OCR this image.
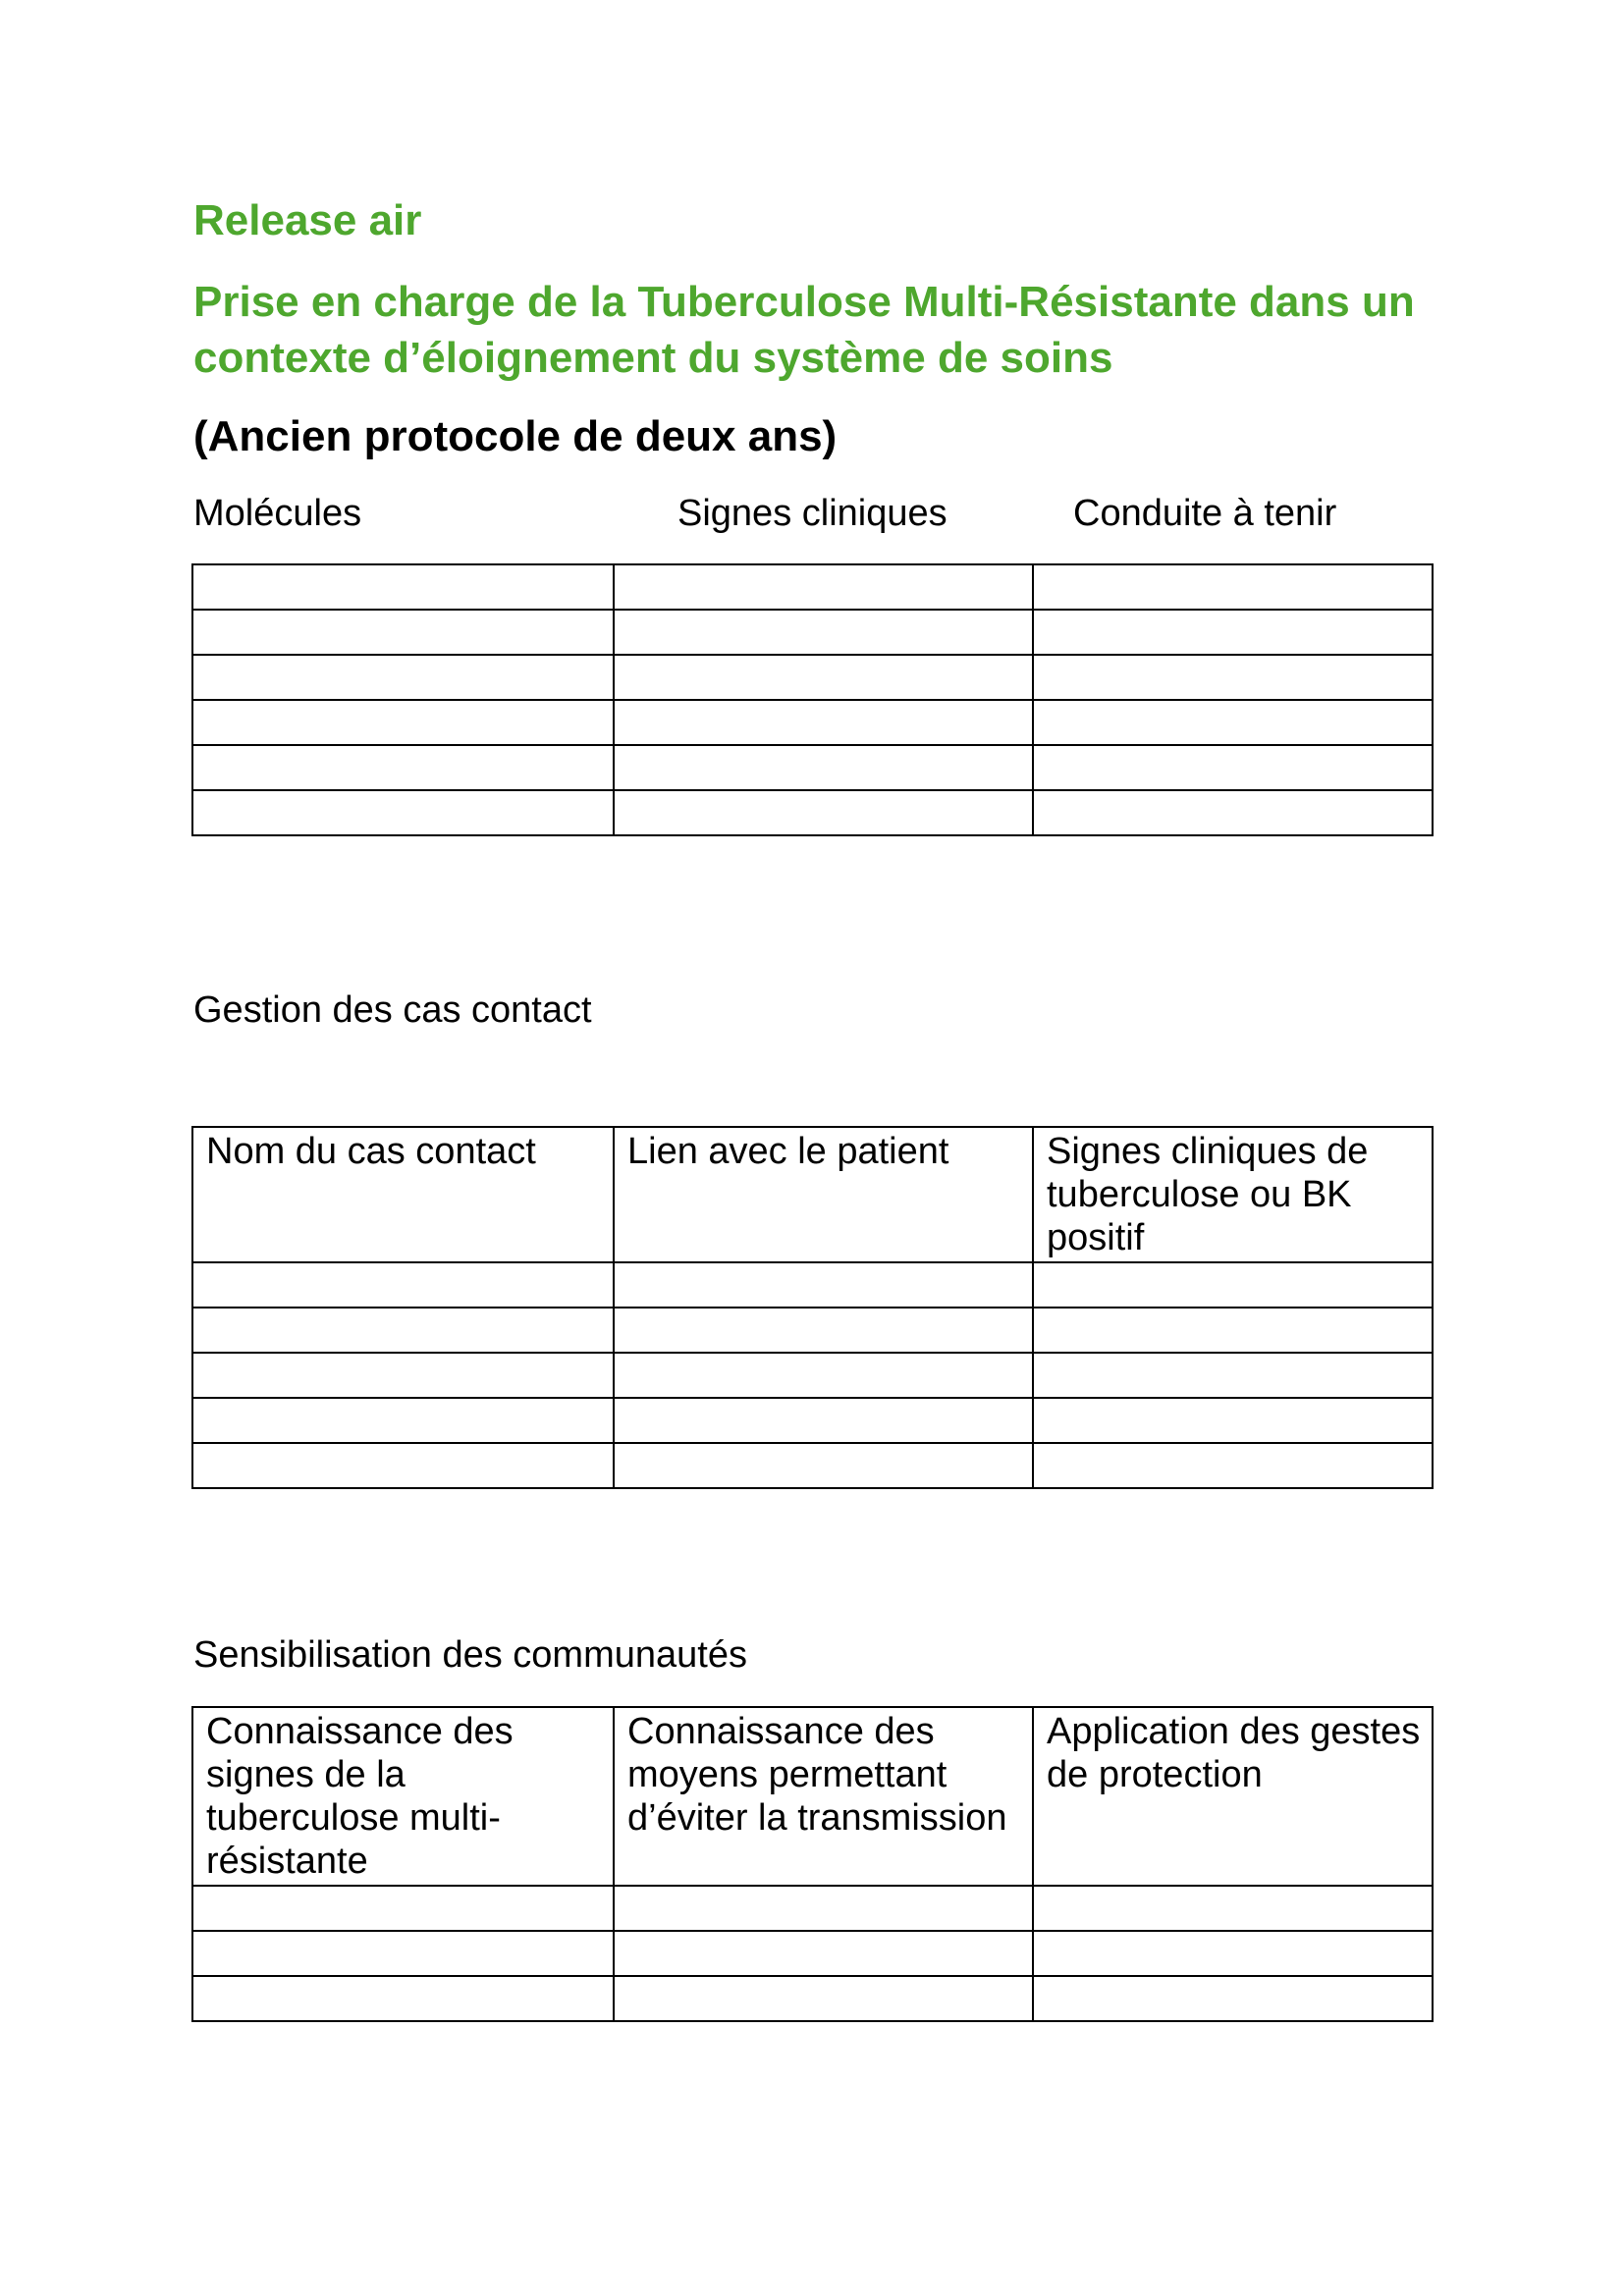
Release air
Prise en charge de la Tuberculose Multi-Résistante dans un contexte d’éloignement du système de soins
(Ancien protocole de deux ans)
Molécules	Signes cliniques	Conduite à tenir

Gestion des cas contact
Nom du cas contact	Lien avec le patient	Signes cliniques de tuberculose ou BK positif

Sensibilisation des communautés
Connaissance des signes de la tuberculose multi-résistante	Connaissance des moyens permettant d’éviter la transmission	Application des gestes de protection
